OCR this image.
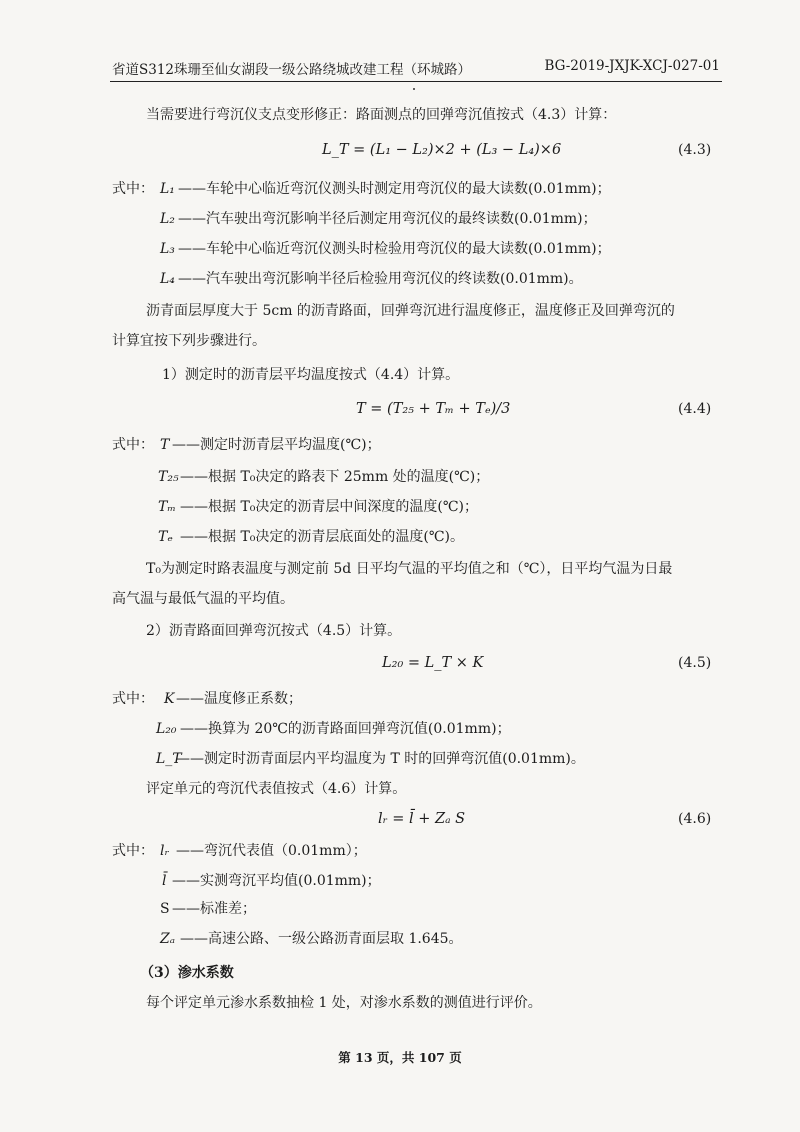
省道S312珠珊至仙女湖段一级公路绕城改建工程（环城路）	BG-2019-JXJK-XCJ-027-01
当需要进行弯沉仪支点变形修正：路面测点的回弹弯沉值按式（4.3）计算：
L_T = (L₁ − L₂)×2 + (L₃ − L₄)×6	(4.3)
式中： L₁ ——车轮中心临近弯沉仪测头时测定用弯沉仪的最大读数(0.01mm)；
L₂ ——汽车驶出弯沉影响半径后测定用弯沉仪的最终读数(0.01mm)；
L₃ ——车轮中心临近弯沉仪测头时检验用弯沉仪的最大读数(0.01mm)；
L₄ ——汽车驶出弯沉影响半径后检验用弯沉仪的终读数(0.01mm)。
沥青面层厚度大于 5cm 的沥青路面，回弹弯沉进行温度修正，温度修正及回弹弯沉的
计算宜按下列步骤进行。
1）测定时的沥青层平均温度按式（4.4）计算。
T = (T₂₅ + Tₘ + Tₑ)/3	(4.4)
式中： T ——测定时沥青层平均温度(℃)；
T₂₅ ——根据 T₀决定的路表下 25mm 处的温度(℃)；
Tₘ ——根据 T₀决定的沥青层中间深度的温度(℃)；
Tₑ ——根据 T₀决定的沥青层底面处的温度(℃)。
T₀为测定时路表温度与测定前 5d 日平均气温的平均值之和（℃），日平均气温为日最
高气温与最低气温的平均值。
2）沥青路面回弹弯沉按式（4.5）计算。
L₂₀ = L_T × K	(4.5)
式中： K ——温度修正系数；
L₂₀ ——换算为 20℃的沥青路面回弹弯沉值(0.01mm)；
L_T
——测定时沥青面层内平均温度为 T 时的回弹弯沉值(0.01mm)。
评定单元的弯沉代表值按式（4.6）计算。
lᵣ = l̄ + Zₐ S	(4.6)
式中： lᵣ ——弯沉代表值（0.01mm）；
l̄ ——实测弯沉平均值(0.01mm)；
S ——标准差；
Zₐ ——高速公路、一级公路沥青面层取 1.645。
（3）渗水系数
每个评定单元渗水系数抽检 1 处，对渗水系数的测值进行评价。
第 13 页，共 107 页
